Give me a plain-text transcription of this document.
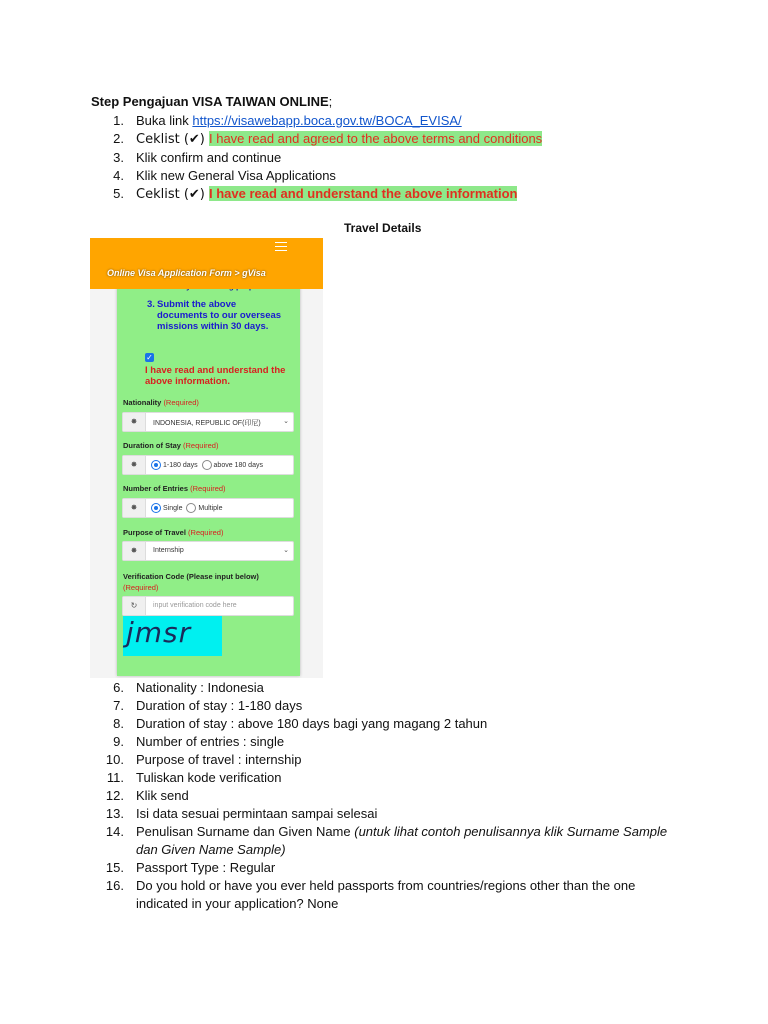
Step Pengajuan VISA TAIWAN ONLINE;
1. Buka link https://visawebapp.boca.gov.tw/BOCA_EVISA/
2. Ceklist (✔) I have read and agreed to the above terms and conditions
3. Klik confirm and continue
4. Klik new General Visa Applications
5. Ceklist (✔) I have read and understand the above information
Travel Details
Online Visa Application Form > gVisa
3. Submit the above documents to our overseas missions within 30 days.
✓
I have read and understand the above information.
Nationality (Required)
✸	INDONESIA, REPUBLIC OF(印尼)	⌄
Duration of Stay (Required)
✸	1-180 days above 180 days
Number of Entries (Required)
✸	Single Multiple
Purpose of Travel (Required)
✸	Internship	⌄
Verification Code (Please input below)
(Required)
↻	input verification code here
jmsr
6. Nationality : Indonesia
7. Duration of stay : 1-180 days
8. Duration of stay : above 180 days bagi yang magang 2 tahun
9. Number of entries : single
10. Purpose of travel : internship
11. Tuliskan kode verification
12. Klik send
13. Isi data sesuai permintaan sampai selesai
14. Penulisan Surname dan Given Name (untuk lihat contoh penulisannya klik Surname Sample dan Given Name Sample)
15. Passport Type : Regular
16. Do you hold or have you ever held passports from countries/regions other than the one indicated in your application? None
